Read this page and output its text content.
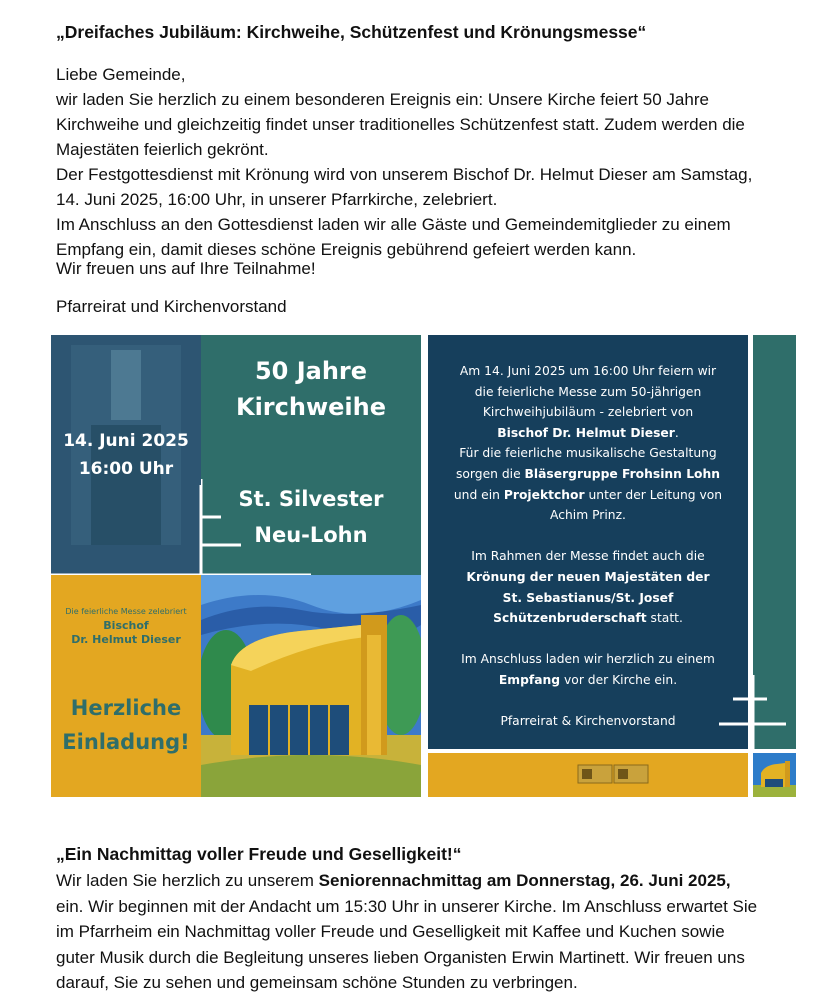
„Dreifaches Jubiläum: Kirchweihe, Schützenfest und Krönungsmesse“

Liebe Gemeinde,

wir laden Sie herzlich zu einem besonderen Ereignis ein: Unsere Kirche feiert 50 Jahre

Kirchweihe und gleichzeitig findet unser traditionelles Schützenfest statt. Zudem werden die

Majestäten feierlich gekrönt.

Der Festgottesdienst mit Krönung wird von unserem Bischof Dr. Helmut Dieser am Samstag,

14. Juni 2025, 16:00 Uhr, in unserer Pfarrkirche, zelebriert.

Im Anschluss an den Gottesdienst laden wir alle Gäste und Gemeindemitglieder zu einem

Empfang ein, damit dieses schöne Ereignis gebührend gefeiert werden kann.

Wir freuen uns auf Ihre Teilnahme!
Pfarreirat und Kirchenvorstand
14. Juni 2025
16:00 Uhr
50 Jahre
Kirchweihe
St. Silvester
Neu-Lohn
Die feierliche Messe zelebriert
Bischof
Dr. Helmut Dieser
Herzliche
Einladung!
Am 14. Juni 2025 um 16:00 Uhr feiern wir
die feierliche Messe zum 50-jährigen
Kirchweihjubiläum - zelebriert von
Bischof Dr. Helmut Dieser.
Für die feierliche musikalische Gestaltung
sorgen die Bläsergruppe Frohsinn Lohn
und ein Projektchor unter der Leitung von
Achim Prinz.
Im Rahmen der Messe findet auch die
Krönung der neuen Majestäten der
St. Sebastianus/St. Josef
Schützenbruderschaft statt.
Im Anschluss laden wir herzlich zu einem
Empfang vor der Kirche ein.
Pfarreirat & Kirchenvorstand
„Ein Nachmittag voller Freude und Geselligkeit!“

Wir laden Sie herzlich zu unserem Seniorennachmittag am Donnerstag, 26. Juni 2025,

ein. Wir beginnen mit der Andacht um 15:30 Uhr in unserer Kirche. Im Anschluss erwartet Sie

im Pfarrheim ein Nachmittag voller Freude und Geselligkeit mit Kaffee und Kuchen sowie

guter Musik durch die Begleitung unseres lieben Organisten Erwin Martinett. Wir freuen uns

darauf, Sie zu sehen und gemeinsam schöne Stunden zu verbringen.
